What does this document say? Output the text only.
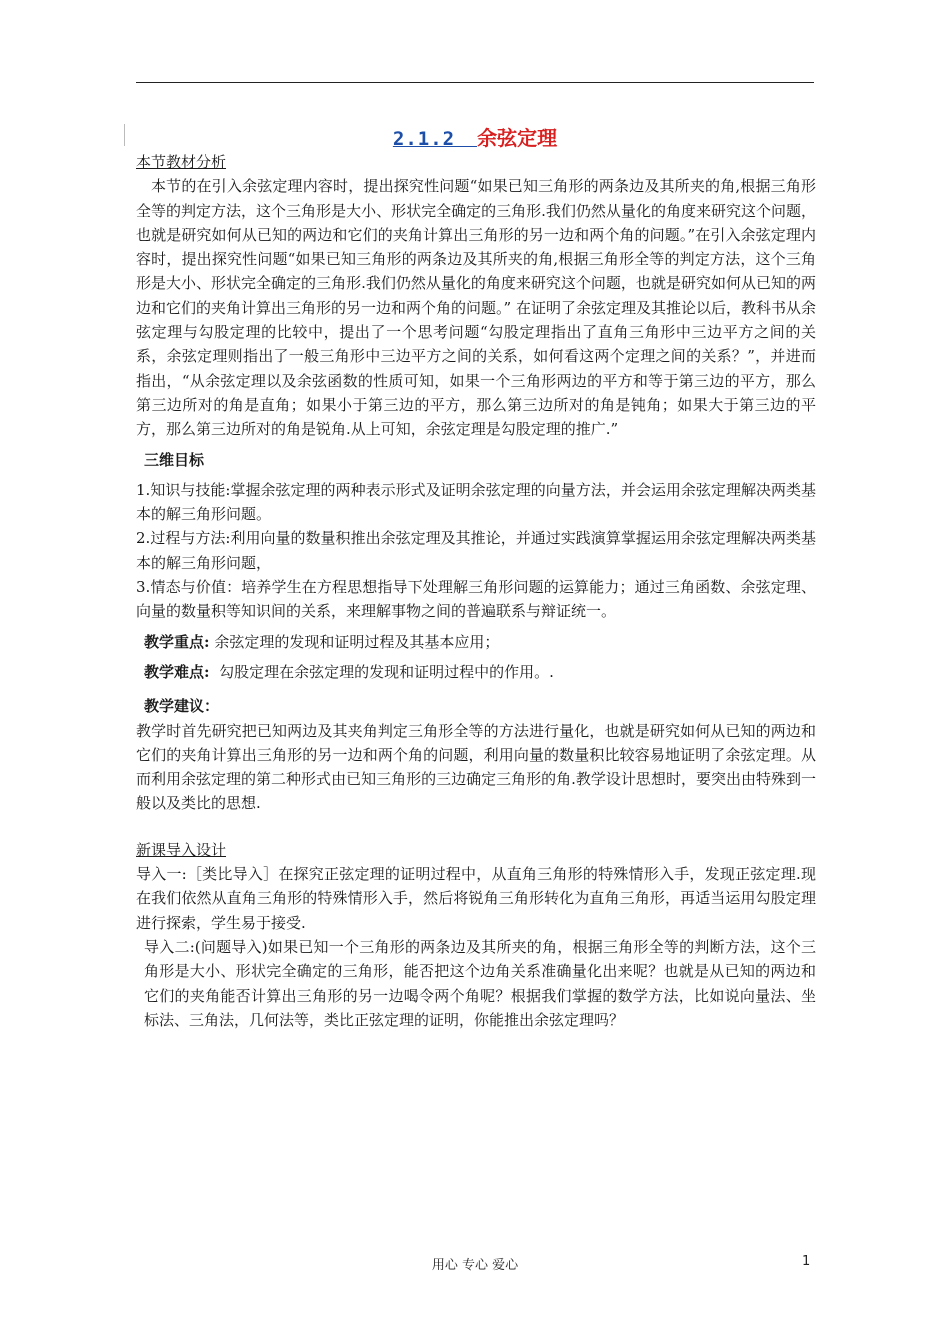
2.1.2 余弦定理

本节教材分析

本节的在引入余弦定理内容时，提出探究性问题“如果已知三角形的两条边及其所夹的角,根据三角形全等的判定方法，这个三角形是大小、形状完全确定的三角形.我们仍然从量化的角度来研究这个问题，也就是研究如何从已知的两边和它们的夹角计算出三角形的另一边和两个角的问题。”在引入余弦定理内容时，提出探究性问题“如果已知三角形的两条边及其所夹的角,根据三角形全等的判定方法，这个三角形是大小、形状完全确定的三角形.我们仍然从量化的角度来研究这个问题，也就是研究如何从已知的两边和它们的夹角计算出三角形的另一边和两个角的问题。” 在证明了余弦定理及其推论以后，教科书从余弦定理与勾股定理的比较中，提出了一个思考问题“勾股定理指出了直角三角形中三边平方之间的关系，余弦定理则指出了一般三角形中三边平方之间的关系，如何看这两个定理之间的关系？”，并进而指出，“从余弦定理以及余弦函数的性质可知，如果一个三角形两边的平方和等于第三边的平方，那么第三边所对的角是直角；如果小于第三边的平方，那么第三边所对的角是钝角；如果大于第三边的平方，那么第三边所对的角是锐角.从上可知，余弦定理是勾股定理的推广.”

三维目标

1.知识与技能:掌握余弦定理的两种表示形式及证明余弦定理的向量方法，并会运用余弦定理解决两类基本的解三角形问题。

2.过程与方法:利用向量的数量积推出余弦定理及其推论，并通过实践演算掌握运用余弦定理解决两类基本的解三角形问题，

3.情态与价值：培养学生在方程思想指导下处理解三角形问题的运算能力；通过三角函数、余弦定理、向量的数量积等知识间的关系，来理解事物之间的普遍联系与辩证统一。

教学重点: 余弦定理的发现和证明过程及其基本应用；

教学难点: 勾股定理在余弦定理的发现和证明过程中的作用。.

教学建议：

教学时首先研究把已知两边及其夹角判定三角形全等的方法进行量化，也就是研究如何从已知的两边和它们的夹角计算出三角形的另一边和两个角的问题，利用向量的数量积比较容易地证明了余弦定理。从而利用余弦定理的第二种形式由已知三角形的三边确定三角形的角.教学设计思想时，要突出由特殊到一般以及类比的思想.

新课导入设计

导入一:［类比导入］在探究正弦定理的证明过程中，从直角三角形的特殊情形入手，发现正弦定理.现在我们依然从直角三角形的特殊情形入手，然后将锐角三角形转化为直角三角形，再适当运用勾股定理进行探索，学生易于接受.

导入二:(问题导入)如果已知一个三角形的两条边及其所夹的角，根据三角形全等的判断方法，这个三角形是大小、形状完全确定的三角形，能否把这个边角关系准确量化出来呢？也就是从已知的两边和它们的夹角能否计算出三角形的另一边喝令两个角呢？根据我们掌握的数学方法，比如说向量法、坐标法、三角法，几何法等，类比正弦定理的证明，你能推出余弦定理吗？

用心 专心 爱心	1
